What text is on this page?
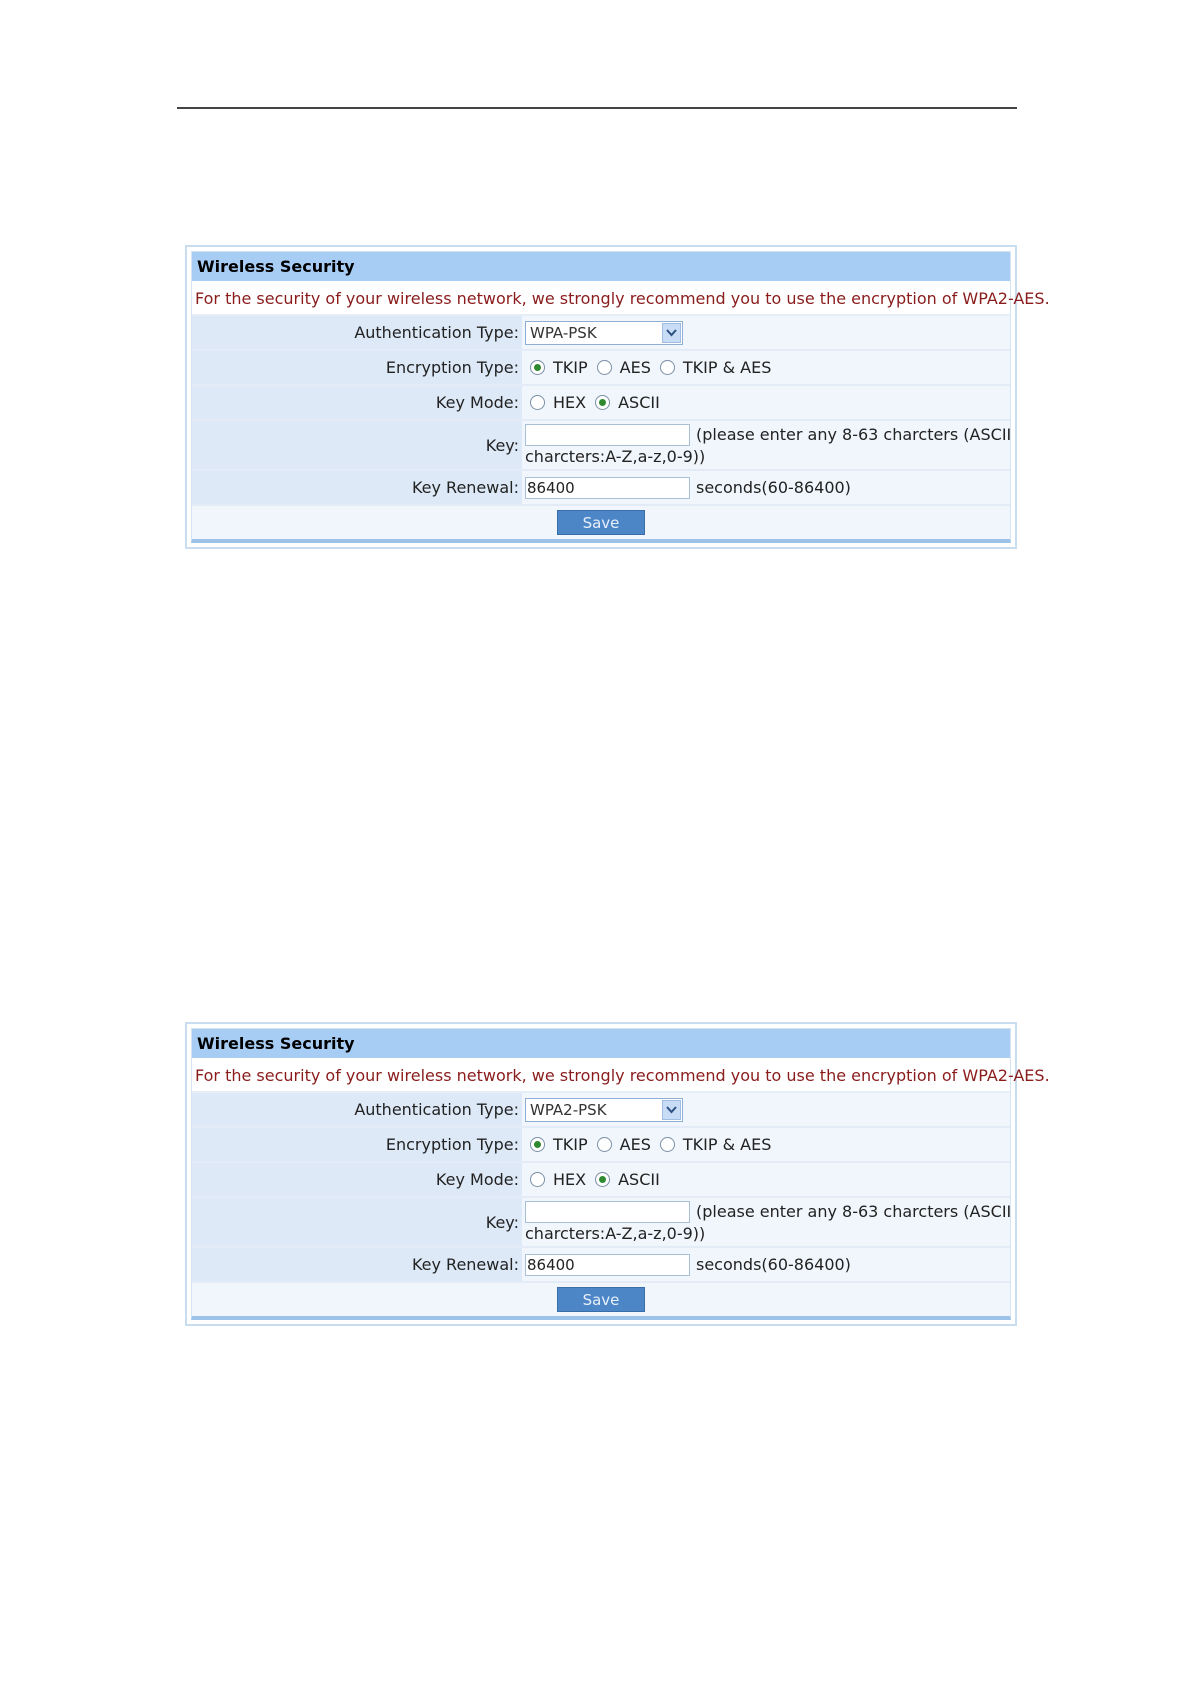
Wireless Security
For the security of your wireless network, we strongly recommend you to use the encryption of WPA2-AES.
Authentication Type: WPA-PSK
Encryption Type: TKIP AES TKIP & AES
Key Mode: HEX ASCII
Key:
(please enter any 8-63 charcters (ASCII
charcters:A-Z,a-z,0-9))
Key Renewal: 86400	seconds(60-86400)
Save
Wireless Security
For the security of your wireless network, we strongly recommend you to use the encryption of WPA2-AES.
Authentication Type: WPA2-PSK
Encryption Type: TKIP AES TKIP & AES
Key Mode: HEX ASCII
Key:
(please enter any 8-63 charcters (ASCII
charcters:A-Z,a-z,0-9))
Key Renewal: 86400	seconds(60-86400)
Save
